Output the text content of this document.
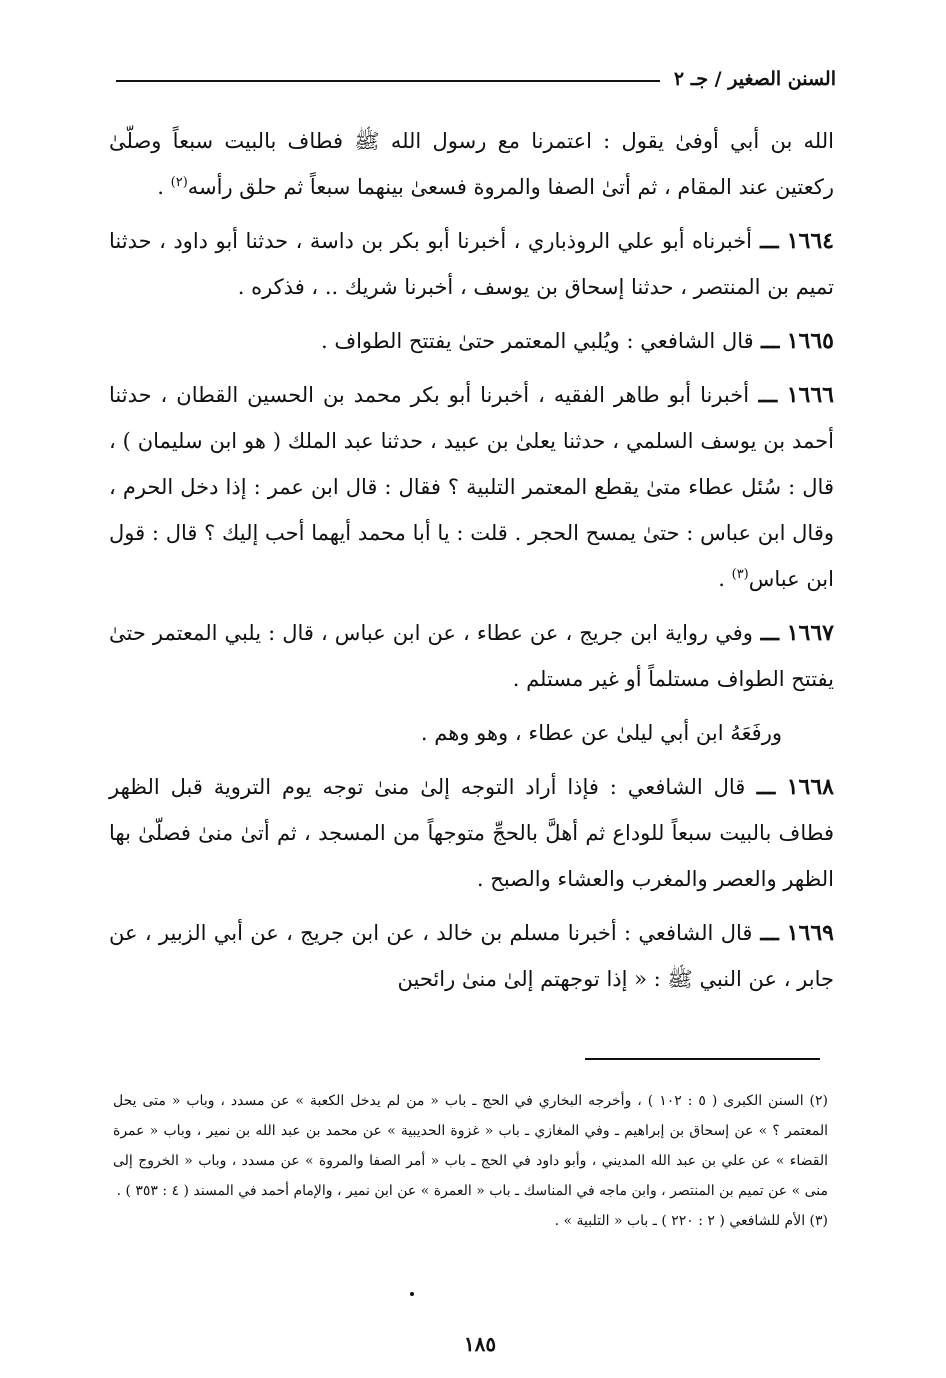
السنن الصغير / جـ ٢

الله بن أبي أوفىٰ يقول : اعتمرنا مع رسول الله ﷺ فطاف بالبيت سبعاً وصلّىٰ ركعتين عند المقام ، ثم أتىٰ الصفا والمروة فسعىٰ بينهما سبعاً ثم حلق رأسه$^{(٢)}$ .

١٦٦٤ ـــ أخبرناه أبو علي الروذباري ، أخبرنا أبو بكر بن داسة ، حدثنا أبو داود ، حدثنا تميم بن المنتصر ، حدثنا إسحاق بن يوسف ، أخبرنا شريك .. ، فذكره .

١٦٦٥ ـــ قال الشافعي : ويُلبي المعتمر حتىٰ يفتتح الطواف .

١٦٦٦ ـــ أخبرنا أبو طاهر الفقيه ، أخبرنا أبو بكر محمد بن الحسين القطان ، حدثنا أحمد بن يوسف السلمي ، حدثنا يعلىٰ بن عبيد ، حدثنا عبد الملك ( هو ابن سليمان ) ، قال : سُئل عطاء متىٰ يقطع المعتمر التلبية ؟ فقال : قال ابن عمر : إذا دخل الحرم ، وقال ابن عباس : حتىٰ يمسح الحجر . قلت : يا أبا محمد أيهما أحب إليك ؟ قال : قول ابن عباس$^{(٣)}$ .

١٦٦٧ ـــ وفي رواية ابن جريج ، عن عطاء ، عن ابن عباس ، قال : يلبي المعتمر حتىٰ يفتتح الطواف مستلماً أو غير مستلم .

ورفَعَهُ ابن أبي ليلىٰ عن عطاء ، وهو وهم .

١٦٦٨ ـــ قال الشافعي : فإذا أراد التوجه إلىٰ منىٰ توجه يوم التروية قبل الظهر فطاف بالبيت سبعاً للوداع ثم أهلَّ بالحجِّ متوجهاً من المسجد ، ثم أتىٰ منىٰ فصلّىٰ بها الظهر والعصر والمغرب والعشاء والصبح .

١٦٦٩ ـــ قال الشافعي : أخبرنا مسلم بن خالد ، عن ابن جريج ، عن أبي الزبير ، عن جابر ، عن النبي ﷺ : « إذا توجهتم إلىٰ منىٰ رائحين

(٢) السنن الكبرى ( ٥ : ١٠٢ ) ، وأخرجه البخاري في الحج ـ باب « من لم يدخل الكعبة » عن مسدد ، وباب « متى يحل المعتمر ؟ » عن إسحاق بن إبراهيم ـ وفي المغازي ـ باب « غزوة الحديبية » عن محمد بن عبد الله بن نمير ، وباب « عمرة القضاء » عن علي بن عبد الله المديني ، وأبو داود في الحج ـ باب « أمر الصفا والمروة » عن مسدد ، وباب « الخروج إلى منى » عن تميم بن المنتصر ، وابن ماجه في المناسك ـ باب « العمرة » عن ابن نمير ، والإمام أحمد في المسند ( ٤ : ٣٥٣ ) .

(٣) الأم للشافعي ( ٢ : ٢٢٠ ) ـ باب « التلبية » .

١٨٥
